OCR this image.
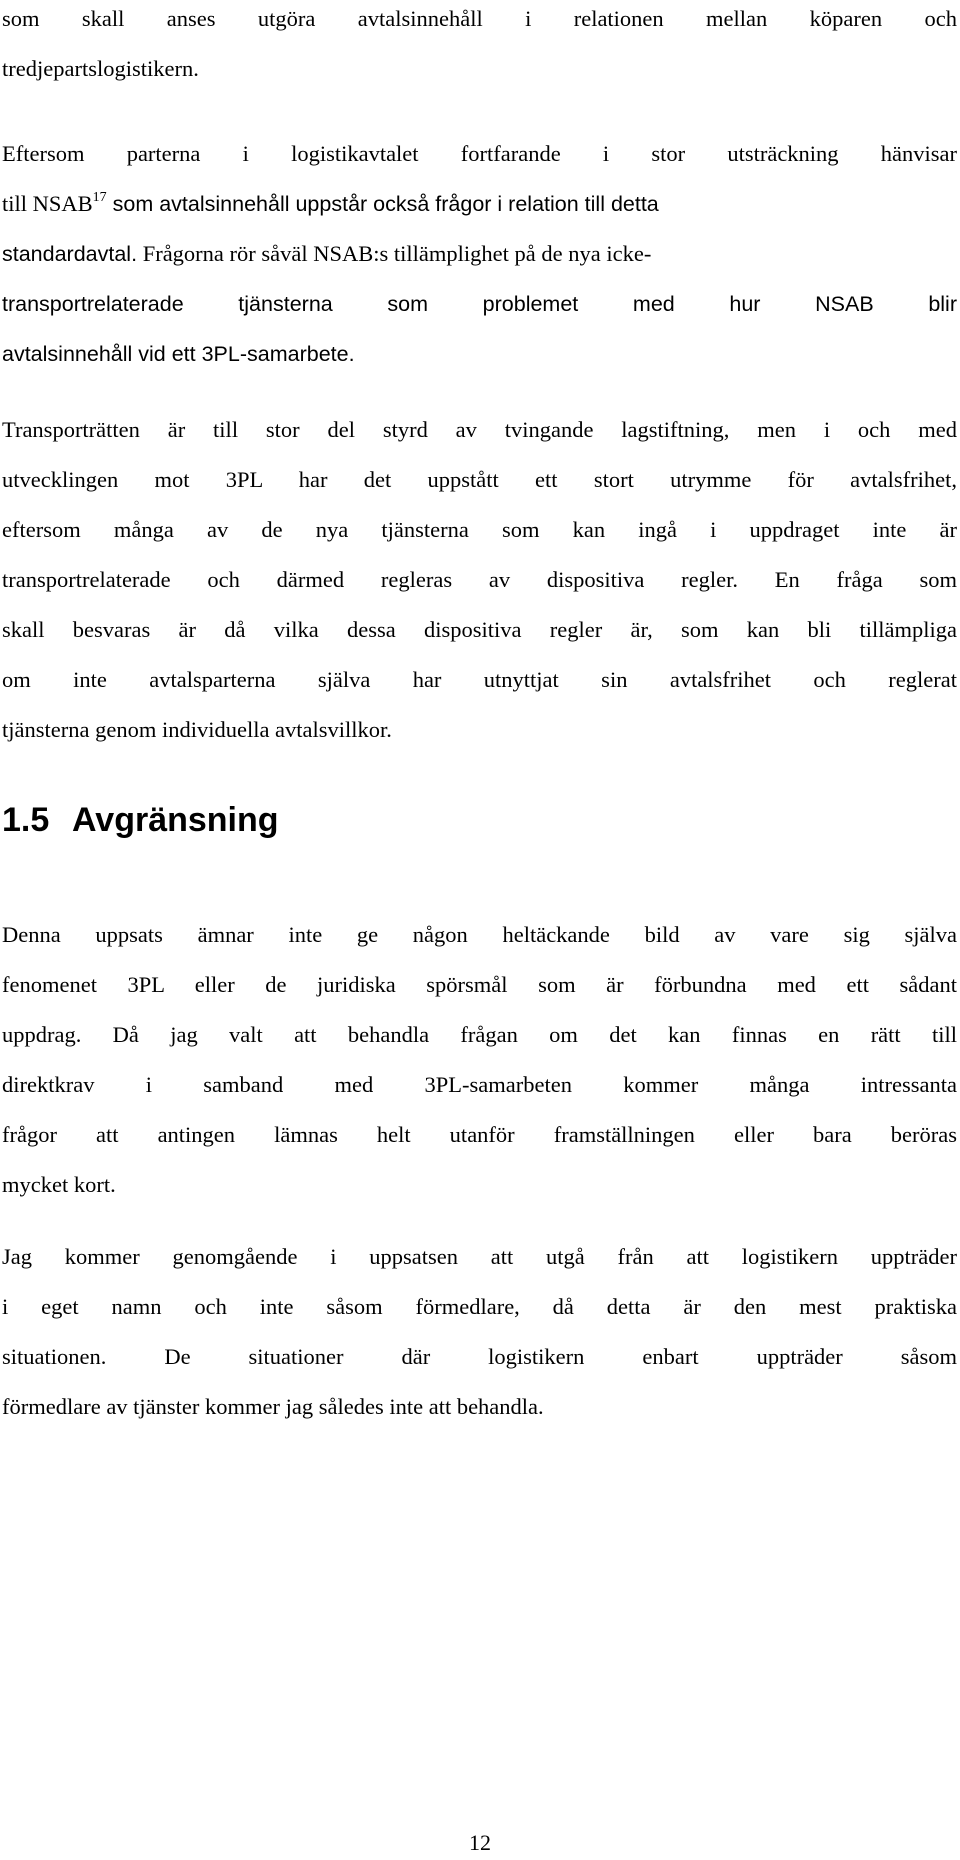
som skall anses utgöra avtalsinnehåll i relationen mellan köparen och
tredjepartslogistikern.

Eftersom parterna i logistikavtalet fortfarande i stor utsträckning hänvisar
till NSAB$^{17}$ som avtalsinnehåll uppstår också frågor i relation till detta
standardavtal. Frågorna rör såväl NSAB:s tillämplighet på de nya icke-
transportrelaterade tjänsterna som problemet med hur NSAB blir
avtalsinnehåll vid ett 3PL-samarbete.

Transporträtten är till stor del styrd av tvingande lagstiftning, men i och med
utvecklingen mot 3PL har det uppstått ett stort utrymme för avtalsfrihet,
eftersom många av de nya tjänsterna som kan ingå i uppdraget inte är
transportrelaterade och därmed regleras av dispositiva regler. En fråga som
skall besvaras är då vilka dessa dispositiva regler är, som kan bli tillämpliga
om inte avtalsparterna själva har utnyttjat sin avtalsfrihet och reglerat
tjänsterna genom individuella avtalsvillkor.

1.5 Avgränsning

Denna uppsats ämnar inte ge någon heltäckande bild av vare sig själva
fenomenet 3PL eller de juridiska spörsmål som är förbundna med ett sådant
uppdrag. Då jag valt att behandla frågan om det kan finnas en rätt till
direktkrav i samband med 3PL-samarbeten kommer många intressanta
frågor att antingen lämnas helt utanför framställningen eller bara beröras
mycket kort.

Jag kommer genomgående i uppsatsen att utgå från att logistikern uppträder
i eget namn och inte såsom förmedlare, då detta är den mest praktiska
situationen. De situationer där logistikern enbart uppträder såsom
förmedlare av tjänster kommer jag således inte att behandla.

12
